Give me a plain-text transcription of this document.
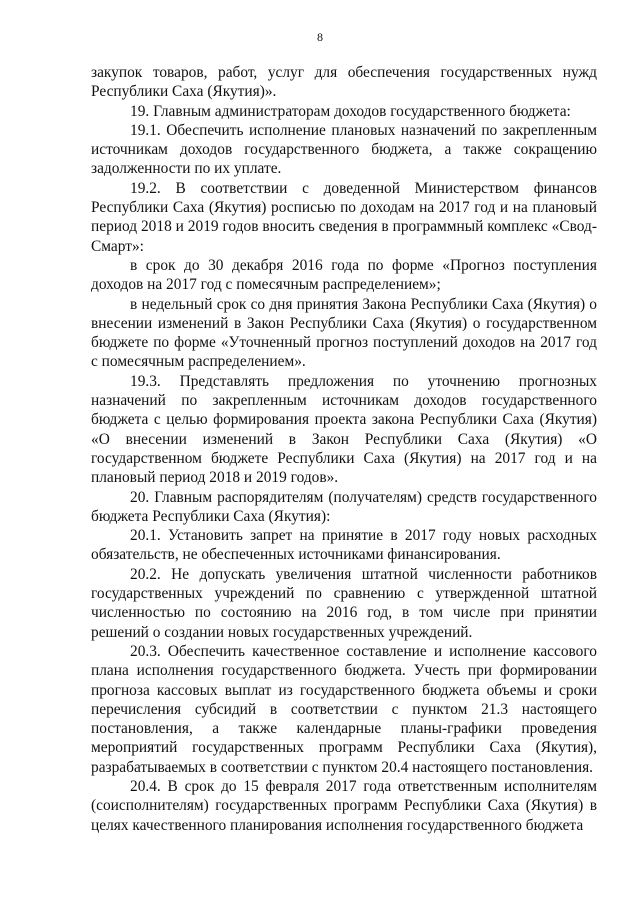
8

закупок товаров, работ, услуг для обеспечения государственных нужд Республики Саха (Якутия)».

19. Главным администраторам доходов государственного бюджета:

19.1. Обеспечить исполнение плановых назначений по закрепленным источникам доходов государственного бюджета, а также сокращению задолженности по их уплате.

19.2. В соответствии с доведенной Министерством финансов Республики Саха (Якутия) росписью по доходам на 2017 год и на плановый период 2018 и 2019 годов вносить сведения в программный комплекс «Свод-Смарт»:

в срок до 30 декабря 2016 года по форме «Прогноз поступления доходов на 2017 год с помесячным распределением»;

в недельный срок со дня принятия Закона Республики Саха (Якутия) о внесении изменений в Закон Республики Саха (Якутия) о государственном бюджете по форме «Уточненный прогноз поступлений доходов на 2017 год с помесячным распределением».

19.3. Представлять предложения по уточнению прогнозных назначений по закрепленным источникам доходов государственного бюджета с целью формирования проекта закона Республики Саха (Якутия) «О внесении изменений в Закон Республики Саха (Якутия) «О государственном бюджете Республики Саха (Якутия) на 2017 год и на плановый период 2018 и 2019 годов».

20. Главным распорядителям (получателям) средств государственного бюджета Республики Саха (Якутия):

20.1. Установить запрет на принятие в 2017 году новых расходных обязательств, не обеспеченных источниками финансирования.

20.2. Не допускать увеличения штатной численности работников государственных учреждений по сравнению с утвержденной штатной численностью по состоянию на 2016 год, в том числе при принятии решений о создании новых государственных учреждений.

20.3. Обеспечить качественное составление и исполнение кассового плана исполнения государственного бюджета. Учесть при формировании прогноза кассовых выплат из государственного бюджета объемы и сроки перечисления субсидий в соответствии с пунктом 21.3 настоящего постановления, а также календарные планы-графики проведения мероприятий государственных программ Республики Саха (Якутия), разрабатываемых в соответствии с пунктом 20.4 настоящего постановления.

20.4. В срок до 15 февраля 2017 года ответственным исполнителям (соисполнителям) государственных программ Республики Саха (Якутия) в целях качественного планирования исполнения государственного бюджета
